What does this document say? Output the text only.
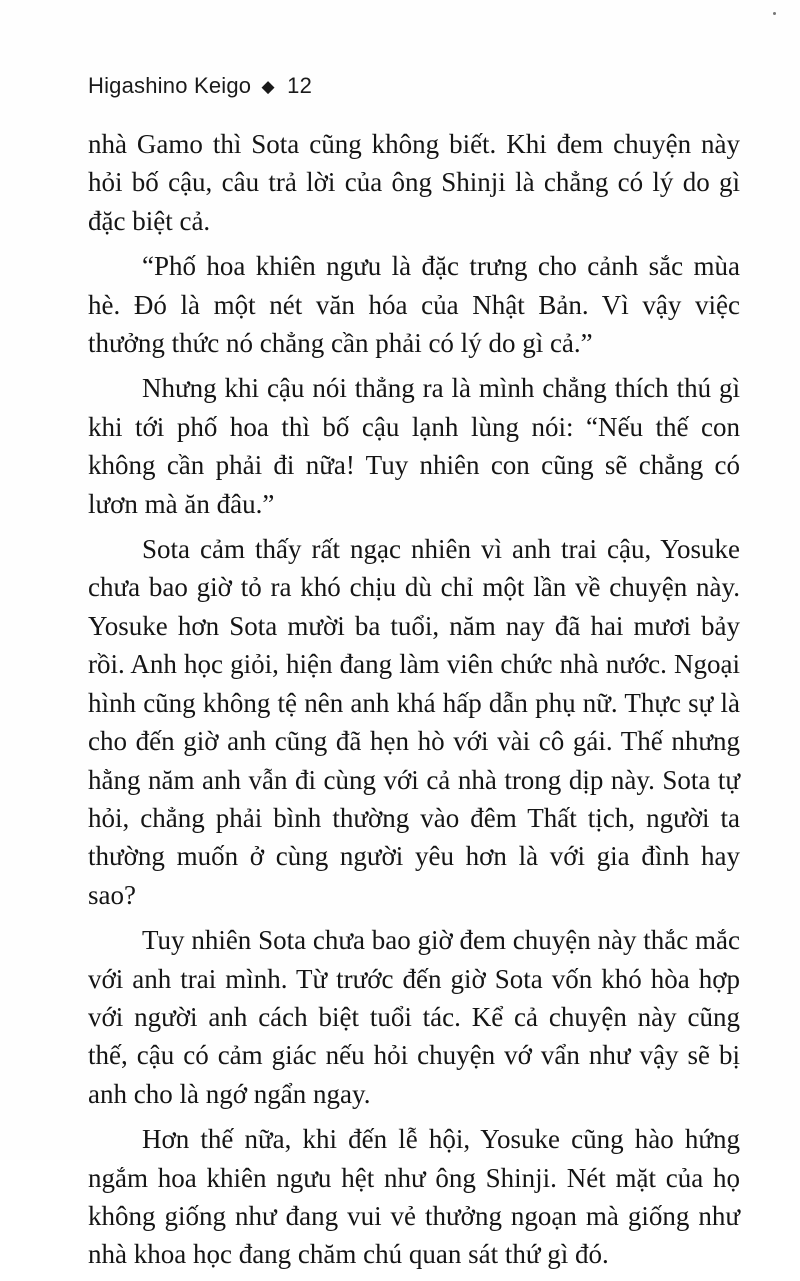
Higashino Keigo ◆ 12

nhà Gamo thì Sota cũng không biết. Khi đem chuyện này hỏi bố cậu, câu trả lời của ông Shinji là chẳng có lý do gì đặc biệt cả.

“Phố hoa khiên ngưu là đặc trưng cho cảnh sắc mùa hè. Đó là một nét văn hóa của Nhật Bản. Vì vậy việc thưởng thức nó chẳng cần phải có lý do gì cả.”

Nhưng khi cậu nói thẳng ra là mình chẳng thích thú gì khi tới phố hoa thì bố cậu lạnh lùng nói: “Nếu thế con không cần phải đi nữa! Tuy nhiên con cũng sẽ chẳng có lươn mà ăn đâu.”

Sota cảm thấy rất ngạc nhiên vì anh trai cậu, Yosuke chưa bao giờ tỏ ra khó chịu dù chỉ một lần về chuyện này. Yosuke hơn Sota mười ba tuổi, năm nay đã hai mươi bảy rồi. Anh học giỏi, hiện đang làm viên chức nhà nước. Ngoại hình cũng không tệ nên anh khá hấp dẫn phụ nữ. Thực sự là cho đến giờ anh cũng đã hẹn hò với vài cô gái. Thế nhưng hằng năm anh vẫn đi cùng với cả nhà trong dịp này. Sota tự hỏi, chẳng phải bình thường vào đêm Thất tịch, người ta thường muốn ở cùng người yêu hơn là với gia đình hay sao?

Tuy nhiên Sota chưa bao giờ đem chuyện này thắc mắc với anh trai mình. Từ trước đến giờ Sota vốn khó hòa hợp với người anh cách biệt tuổi tác. Kể cả chuyện này cũng thế, cậu có cảm giác nếu hỏi chuyện vớ vẩn như vậy sẽ bị anh cho là ngớ ngẩn ngay.

Hơn thế nữa, khi đến lễ hội, Yosuke cũng hào hứng ngắm hoa khiên ngưu hệt như ông Shinji. Nét mặt của họ không giống như đang vui vẻ thưởng ngoạn mà giống như nhà khoa học đang chăm chú quan sát thứ gì đó.
